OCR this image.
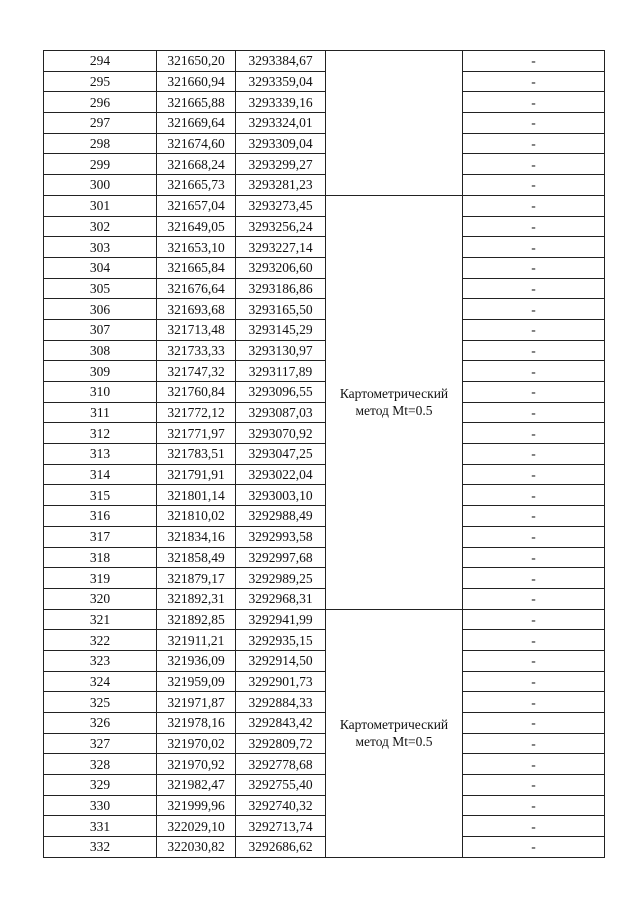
294	321650,20	3293384,67		-
295	321660,94	3293359,04		-
296	321665,88	3293339,16		-
297	321669,64	3293324,01		-
298	321674,60	3293309,04		-
299	321668,24	3293299,27		-
300	321665,73	3293281,23		-
301	321657,04	3293273,45	Картометрический метод Mt=0.5	-
302	321649,05	3293256,24		-
303	321653,10	3293227,14		-
304	321665,84	3293206,60		-
305	321676,64	3293186,86		-
306	321693,68	3293165,50		-
307	321713,48	3293145,29		-
308	321733,33	3293130,97		-
309	321747,32	3293117,89		-
310	321760,84	3293096,55		-
311	321772,12	3293087,03		-
312	321771,97	3293070,92		-
313	321783,51	3293047,25		-
314	321791,91	3293022,04		-
315	321801,14	3293003,10		-
316	321810,02	3292988,49		-
317	321834,16	3292993,58		-
318	321858,49	3292997,68		-
319	321879,17	3292989,25		-
320	321892,31	3292968,31		-
321	321892,85	3292941,99	Картометрический метод Mt=0.5	-
322	321911,21	3292935,15		-
323	321936,09	3292914,50		-
324	321959,09	3292901,73		-
325	321971,87	3292884,33		-
326	321978,16	3292843,42		-
327	321970,02	3292809,72		-
328	321970,92	3292778,68		-
329	321982,47	3292755,40		-
330	321999,96	3292740,32		-
331	322029,10	3292713,74		-
332	322030,82	3292686,62		-
